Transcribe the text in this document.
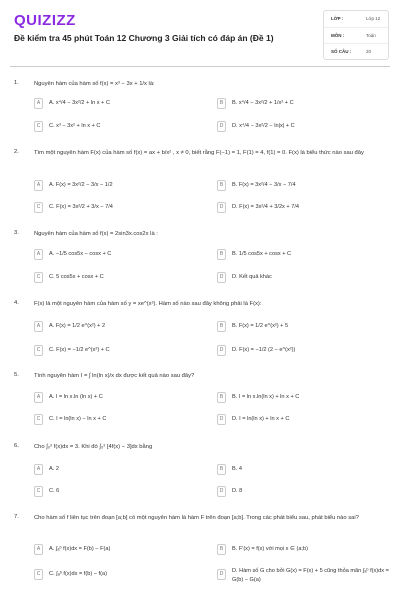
QUIZIZZ
Đề kiểm tra 45 phút Toán 12 Chương 3 Giải tích có đáp án (Đề 1)
LỚP :	Lớp 12
MÔN :	Toán
SỐ CÂU :	20
1.	Nguyên hàm của hàm số f(x) = x³ − 3x + 1/x là:
A	A. x⁴/4 − 3x²/2 + ln x + C	B	B. x⁴/4 − 3x²/2 + 1/x² + C
C	C. x³ − 3x² + ln x + C	D	D. x⁴/4 − 3x²/2 − ln|x| + C
2.	Tìm một nguyên hàm F(x) của hàm số f(x) = ax + b/x² , x ≠ 0, biết rằng F(−1) = 1, F(1) = 4, f(1) = 0. F(x) là biểu thức nào sau đây
A	A. F(x) = 3x²/2 − 3/x − 1/2	B	B. F(x) = 3x²/4 − 3/x − 7/4
C	C. F(x) = 3x²/2 + 3/x − 7/4	D	D. F(x) = 3x²/4 + 3/2x + 7/4
3.	Nguyên hàm của hàm số f(x) = 2sin3x.cos2x là :
A	A. −1/5 cos5x − cosx + C	B	B. 1/5 cos5x + cosx + C
C	C. 5 cos5x + cosx + C	D	D. Kết quả khác
4.	F(x) là một nguyên hàm của hàm số y = xe^(x²). Hàm số nào sau đây không phải là F(x):
A	A. F(x) = 1/2 e^(x²) + 2	B	B. F(x) = 1/2 e^(x²) + 5
C	C. F(x) = −1/2 e^(x²) + C	D	D. F(x) = −1/2 (2 − e^(x²))
5.	Tính nguyên hàm I = ∫ ln(ln x)/x dx được kết quả nào sau đây?
A	A. I = ln x.ln (ln x) + C	B	B. I = ln x.ln(ln x) + ln x + C
C	C. I = ln(ln x) − ln x + C	D	D. I = ln(ln x) + ln x + C
6.	Cho ∫₀² f(x)dx = 3. Khi đó ∫₀² [4f(x) − 3]dx bằng
A	A. 2	B	B. 4
C	C. 6	D	D. 8
7.	Cho hàm số f liên tục trên đoạn [a;b] có một nguyên hàm là hàm F trên đoạn [a;b]. Trong các phát biểu sau, phát biểu nào sai?
A	A. ∫ₐᵇ f(x)dx = F(b) − F(a)	B	B. F'(x) = f(x) với mọi x ∈ (a;b)
C	C. ∫ₐᵇ f(x)dx = f(b) − f(a)	D	D. Hàm số G cho bởi G(x) = F(x) + 5 cũng thỏa mãn ∫ₐᵇ f(x)dx = G(b) − G(a)
